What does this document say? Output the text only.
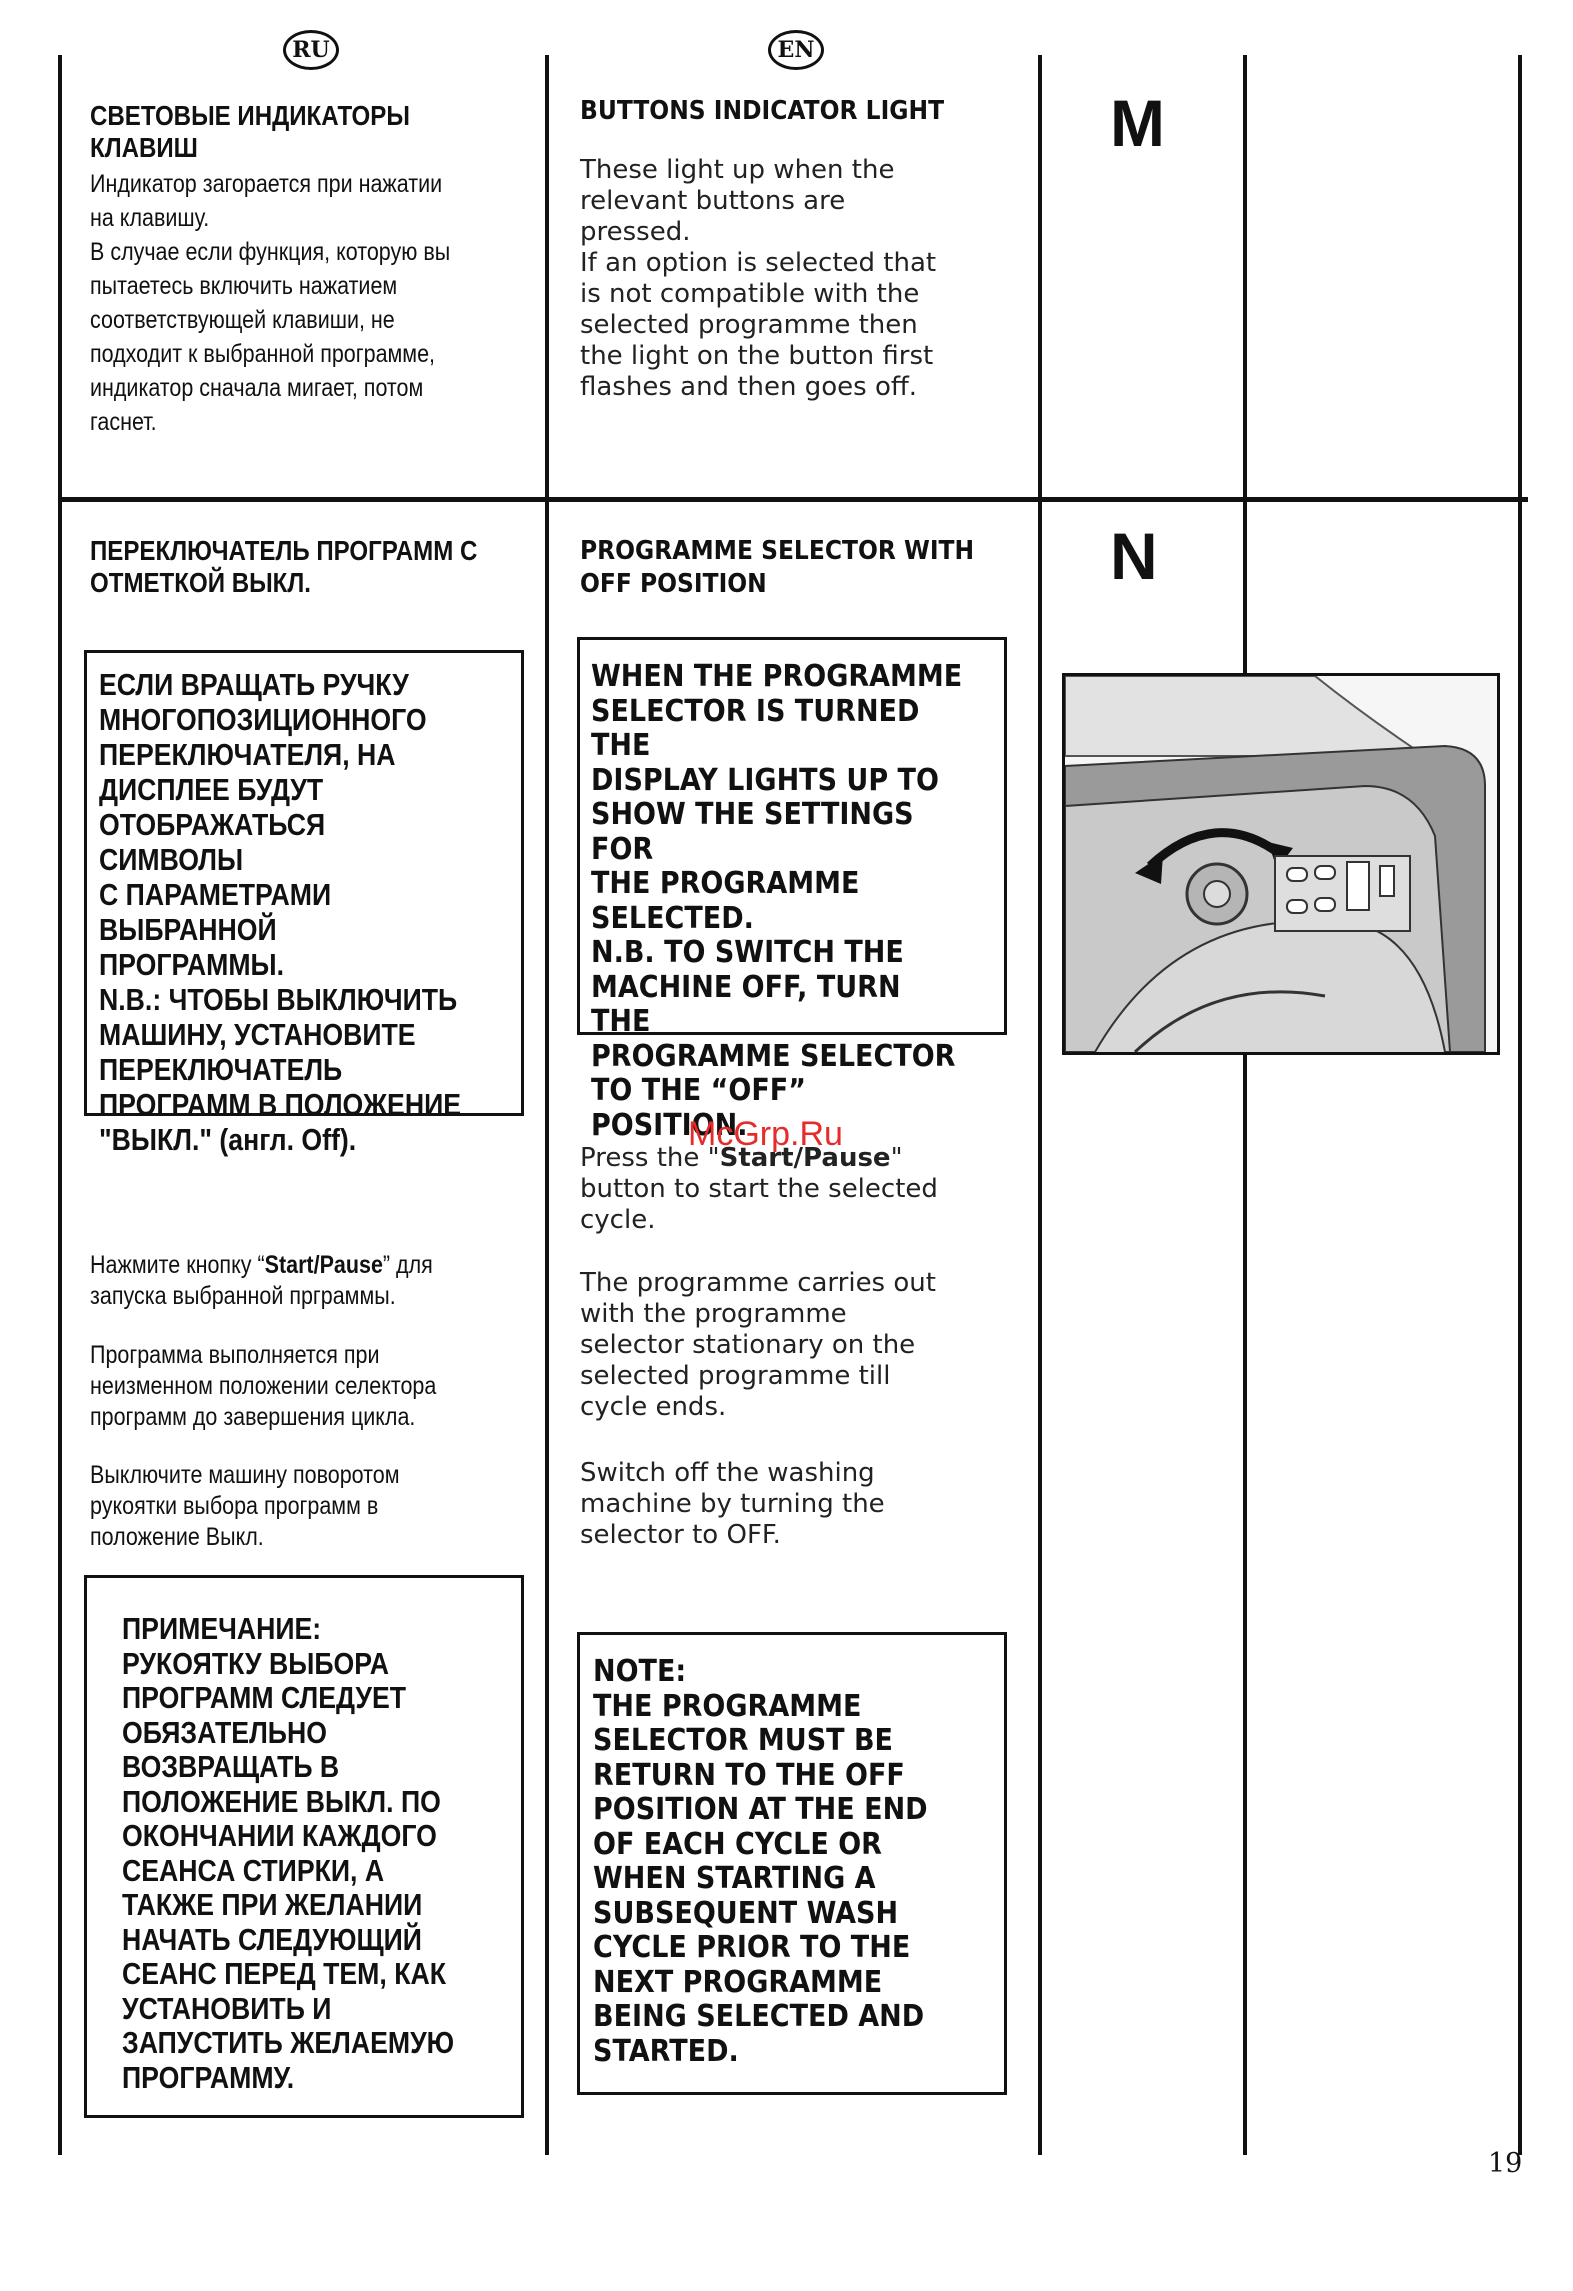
RU	EN
СВЕТОВЫЕ ИНДИКАТОРЫ
КЛАВИШ
Индикатор загорается при нажатии
на клавишу.
В случае если функция, которую вы
пытаетесь включить нажатием
соответствующей клавиши, не
подходит к выбранной программе,
индикатор сначала мигает, потом
гаснет.
BUTTONS INDICATOR LIGHT
These light up when the
relevant buttons are
pressed.
If an option is selected that
is not compatible with the
selected programme then
the light on the button first
flashes and then goes off.
M
ПЕРЕКЛЮЧАТЕЛЬ ПРОГРАММ С
ОТМЕТКОЙ ВЫКЛ.
PROGRAMME SELECTOR WITH
OFF POSITION	N
ЕСЛИ ВРАЩАТЬ РУЧКУ
МНОГОПОЗИЦИОННОГО
ПЕРЕКЛЮЧАТЕЛЯ, НА
ДИСПЛЕЕ БУДУТ
ОТОБРАЖАТЬСЯ СИМВОЛЫ
С ПАРАМЕТРАМИ
ВЫБРАННОЙ ПРОГРАММЫ.
N.B.: ЧТОБЫ ВЫКЛЮЧИТЬ
МАШИНУ, УСТАНОВИТЕ
ПЕРЕКЛЮЧАТЕЛЬ
ПРОГРАММ В ПОЛОЖЕНИЕ
"ВЫКЛ." (англ. Off).
WHEN THE PROGRAMME
SELECTOR IS TURNED THE
DISPLAY LIGHTS UP TO
SHOW THE SETTINGS FOR
THE PROGRAMME
SELECTED.
N.B. TO SWITCH THE
MACHINE OFF, TURN THE
PROGRAMME SELECTOR
TO THE “OFF” POSITION.
McGrp.Ru
Press the "Start/Pause"
button to start the selected
cycle.
The programme carries out
with the programme
selector stationary on the
selected programme till
cycle ends.
Switch off the washing
machine by turning the
selector to OFF.
Нажмите кнопку “Start/Pause” для
запуска выбранной прграммы.
Программа выполняется при
неизменном положении селектора
программ до завершения цикла.
Выключите машину поворотом
рукоятки выбора программ в
положение Выкл.
ПРИМЕЧАНИЕ:
РУКОЯТКУ ВЫБОРА
ПРОГРАММ СЛЕДУЕТ
ОБЯЗАТЕЛЬНО
ВОЗВРАЩАТЬ В
ПОЛОЖЕНИЕ ВЫКЛ. ПО
ОКОНЧАНИИ КАЖДОГО
СЕАНСА СТИРКИ, А
ТАКЖЕ ПРИ ЖЕЛАНИИ
НАЧАТЬ СЛЕДУЮЩИЙ
СЕАНС ПЕРЕД ТЕМ, КАК
УСТАНОВИТЬ И
ЗАПУСТИТЬ ЖЕЛАЕМУЮ
ПРОГРАММУ.
NOTE:
THE PROGRAMME
SELECTOR MUST BE
RETURN TO THE OFF
POSITION AT THE END
OF EACH CYCLE OR
WHEN STARTING A
SUBSEQUENT WASH
CYCLE PRIOR TO THE
NEXT PROGRAMME
BEING SELECTED AND
STARTED.
19
